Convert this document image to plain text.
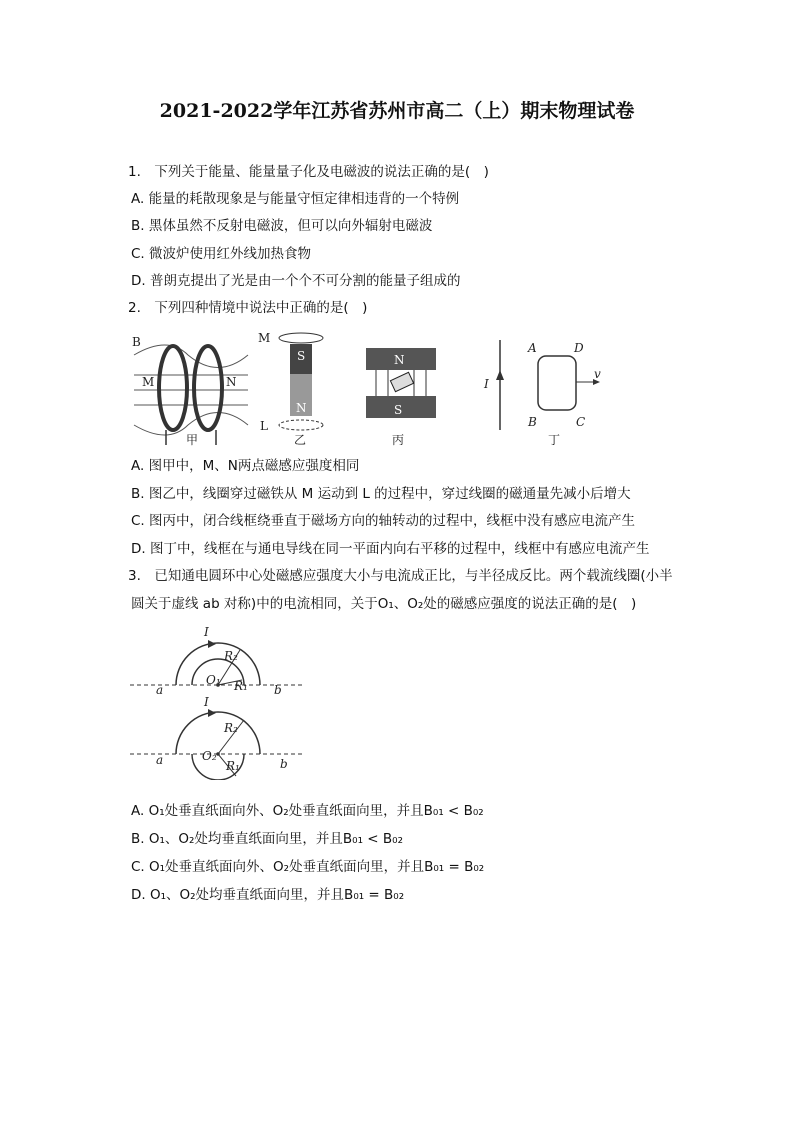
2021-2022学年江苏省苏州市高二（上）期末物理试卷
1.　下列关于能量、能量量子化及电磁波的说法正确的是(　)
A. 能量的耗散现象是与能量守恒定律相违背的一个特例
B. 黑体虽然不反射电磁波，但可以向外辐射电磁波
C. 微波炉使用红外线加热食物
D. 普朗克提出了光是由一个个不可分割的能量子组成的
2.　下列四种情境中说法中正确的是(　)
B
M	N
甲
S
N
M
L
乙
N
S
丙
I
A	D
B	C
v
丁
A. 图甲中，M、N两点磁感应强度相同
B. 图乙中，线圈穿过磁铁从 M 运动到 L 的过程中，穿过线圈的磁通量先减小后增大
C. 图丙中，闭合线框绕垂直于磁场方向的轴转动的过程中，线框中没有感应电流产生
D. 图丁中，线框在与通电导线在同一平面内向右平移的过程中，线框中有感应电流产生
3.　已知通电圆环中心处磁感应强度大小与电流成正比，与半径成反比。两个载流线圈(小半
圆关于虚线 ab 对称)中的电流相同，关于O₁、O₂处的磁感应强度的说法正确的是(　)
I
R₂
R₁
O₁
a	b
I
R₂
R₁
O₂
a	b
A. O₁处垂直纸面向外、O₂处垂直纸面向里，并且B₀₁ < B₀₂
B. O₁、O₂处均垂直纸面向里，并且B₀₁ < B₀₂
C. O₁处垂直纸面向外、O₂处垂直纸面向里，并且B₀₁ = B₀₂
D. O₁、O₂处均垂直纸面向里，并且B₀₁ = B₀₂
